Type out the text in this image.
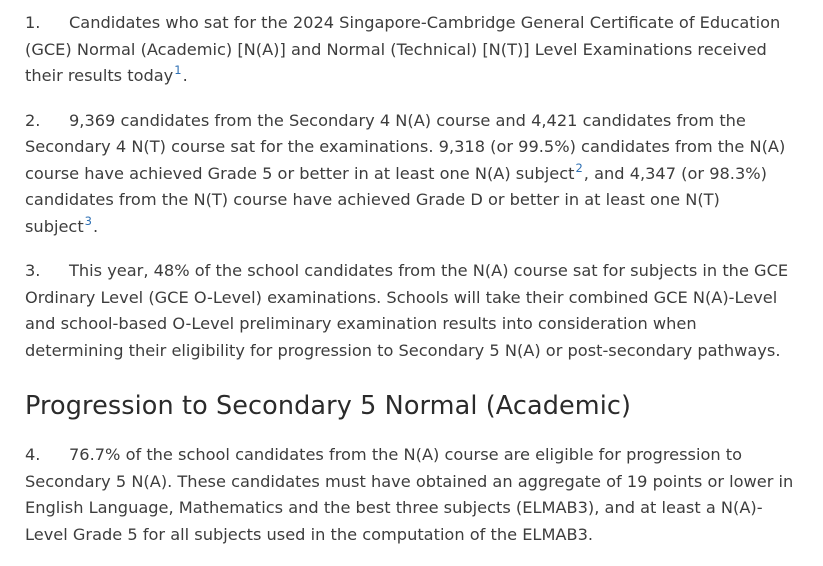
1. Candidates who sat for the 2024 Singapore-Cambridge General Certificate of Education (GCE) Normal (Academic) [N(A)] and Normal (Technical) [N(T)] Level Examinations received their results today$^1$.

2. 9,369 candidates from the Secondary 4 N(A) course and 4,421 candidates from the Secondary 4 N(T) course sat for the examinations. 9,318 (or 99.5%) candidates from the N(A) course have achieved Grade 5 or better in at least one N(A) subject$^2$, and 4,347 (or 98.3%) candidates from the N(T) course have achieved Grade D or better in at least one N(T) subject$^3$.

3. This year, 48% of the school candidates from the N(A) course sat for subjects in the GCE Ordinary Level (GCE O-Level) examinations. Schools will take their combined GCE N(A)-Level and school-based O-Level preliminary examination results into consideration when determining their eligibility for progression to Secondary 5 N(A) or post-secondary pathways.

Progression to Secondary 5 Normal (Academic)

4. 76.7% of the school candidates from the N(A) course are eligible for progression to Secondary 5 N(A). These candidates must have obtained an aggregate of 19 points or lower in English Language, Mathematics and the best three subjects (ELMAB3), and at least a N(A)-Level Grade 5 for all subjects used in the computation of the ELMAB3.
